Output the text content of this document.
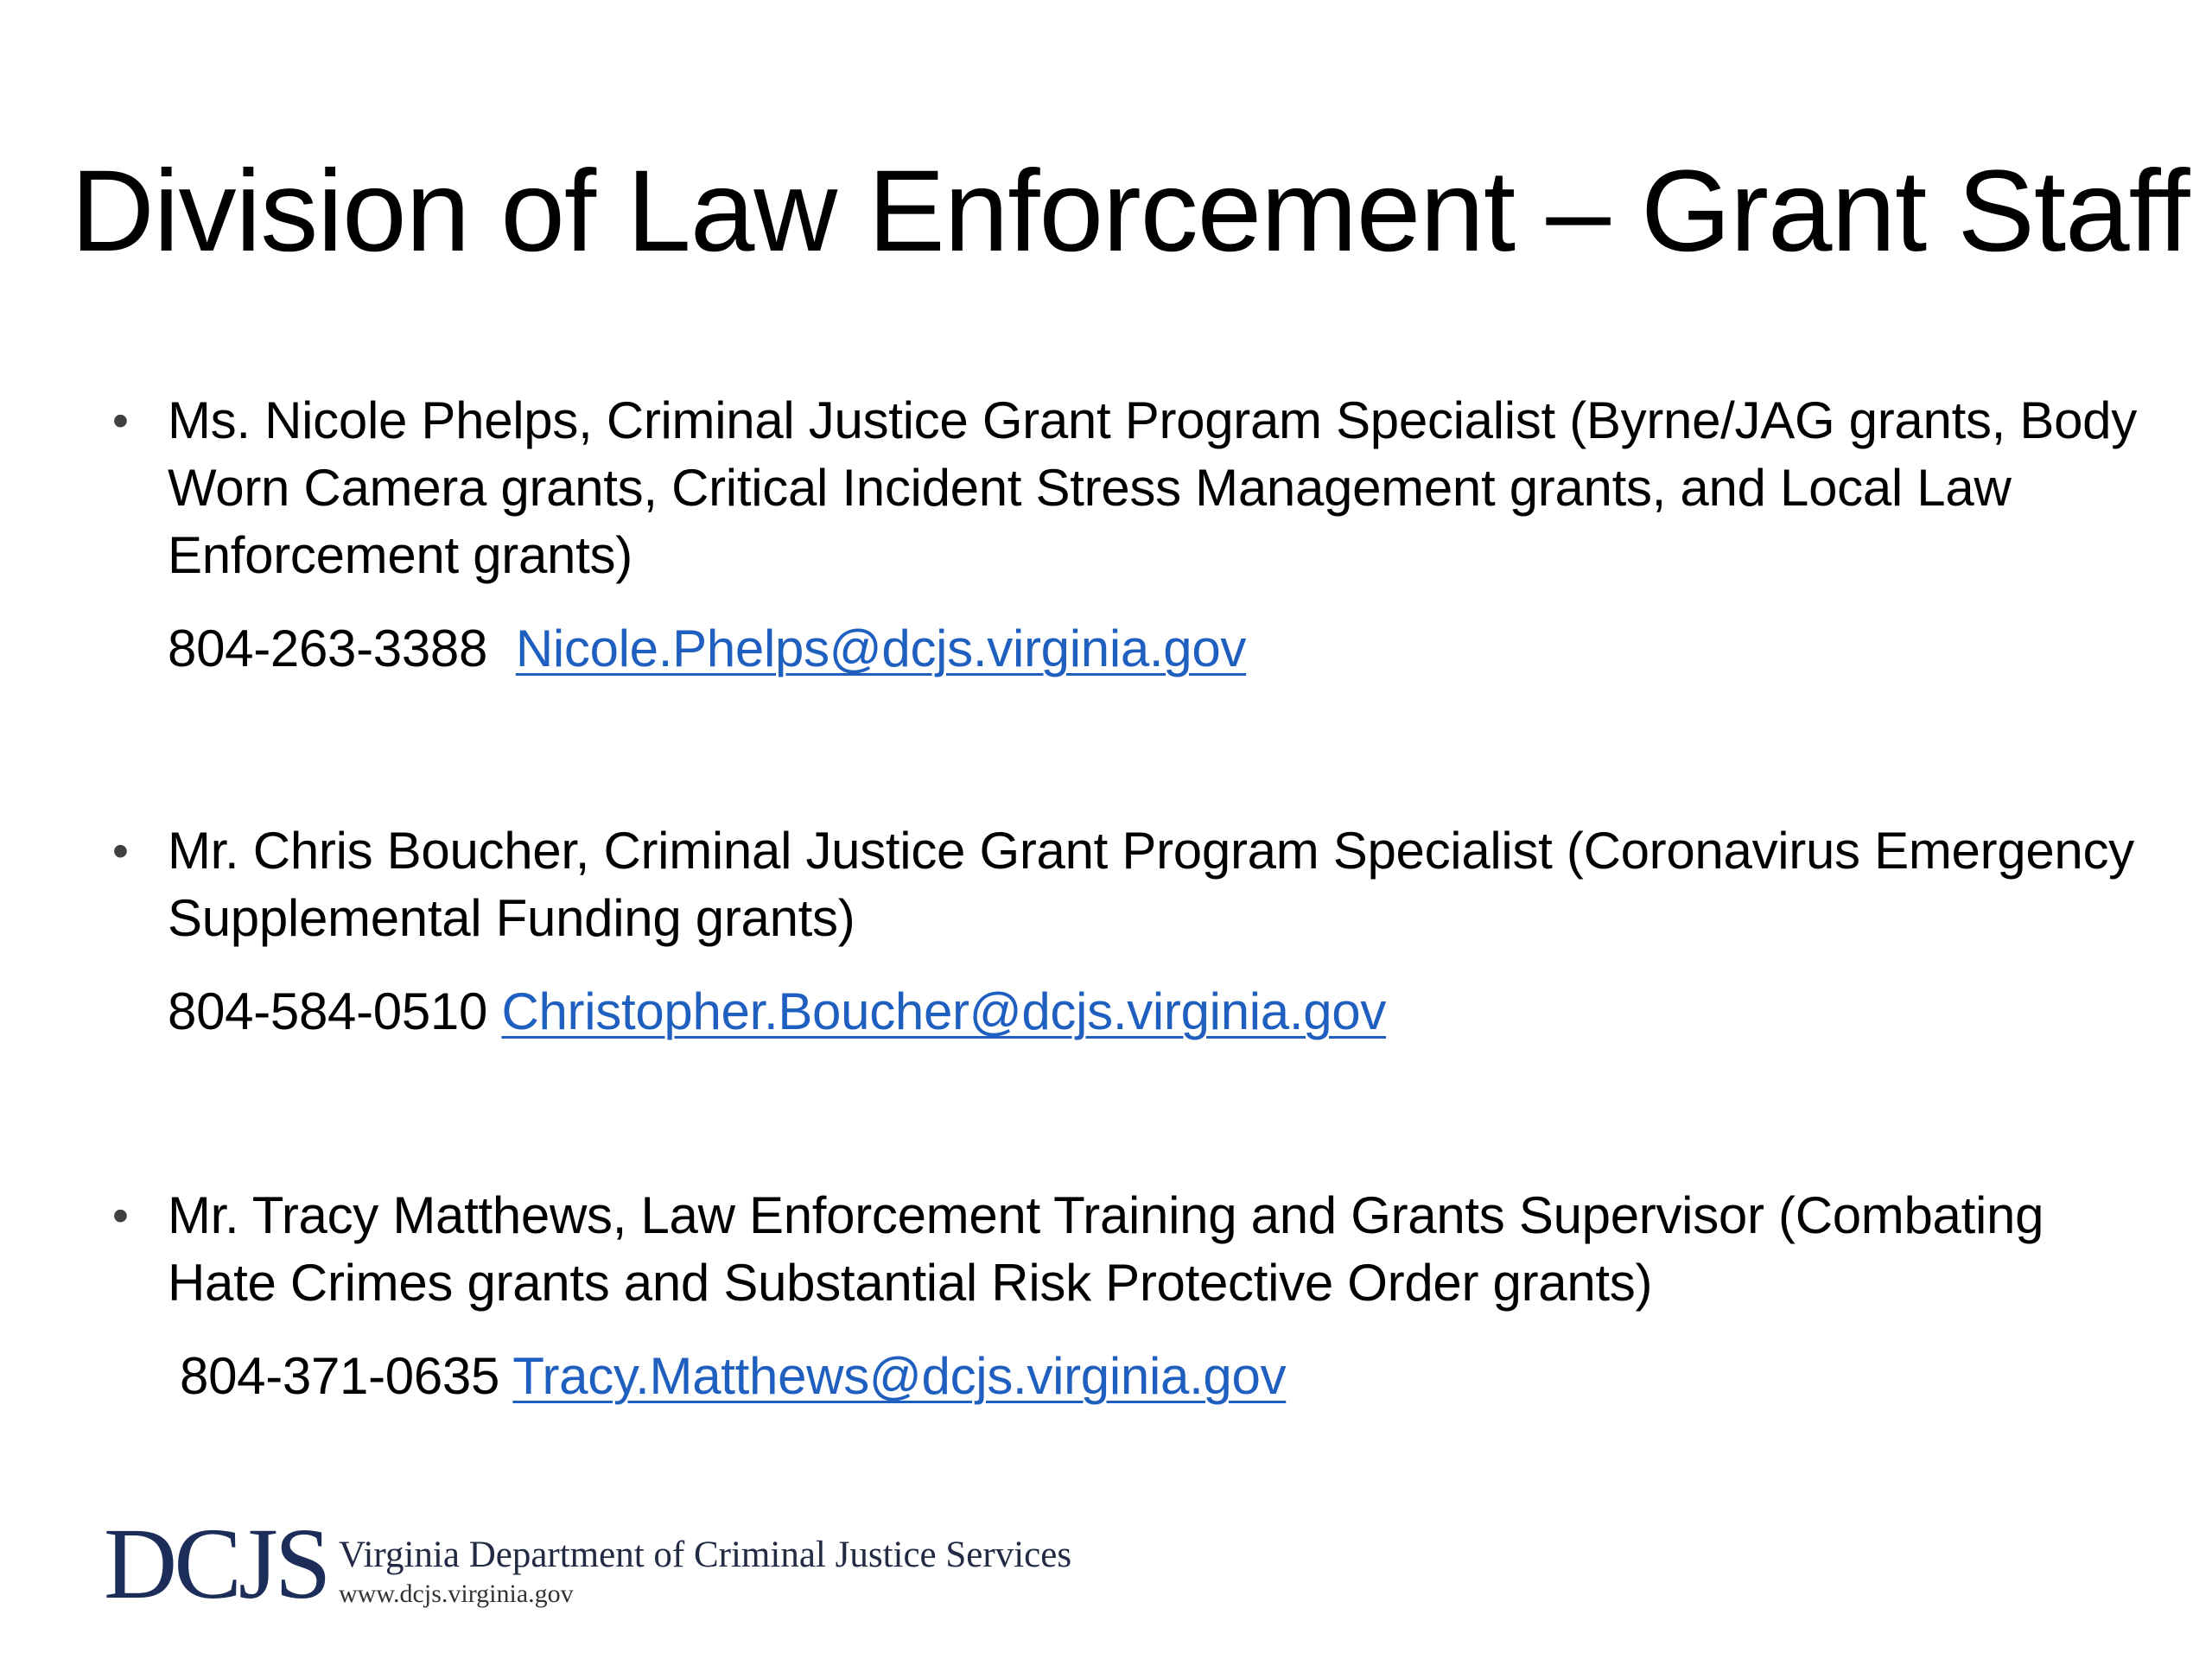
Division of Law Enforcement – Grant Staff
• Ms. Nicole Phelps, Criminal Justice Grant Program Specialist (Byrne/JAG grants, Body Worn Camera grants, Critical Incident Stress Management grants, and Local Law Enforcement grants)
804-263-3388 Nicole.Phelps@dcjs.virginia.gov
• Mr. Chris Boucher, Criminal Justice Grant Program Specialist (Coronavirus Emergency Supplemental Funding grants)
804-584-0510 Christopher.Boucher@dcjs.virginia.gov
• Mr. Tracy Matthews, Law Enforcement Training and Grants Supervisor (Combating Hate Crimes grants and Substantial Risk Protective Order grants)
804-371-0635 Tracy.Matthews@dcjs.virginia.gov
DCJS Virginia Department of Criminal Justice Services
www.dcjs.virginia.gov
